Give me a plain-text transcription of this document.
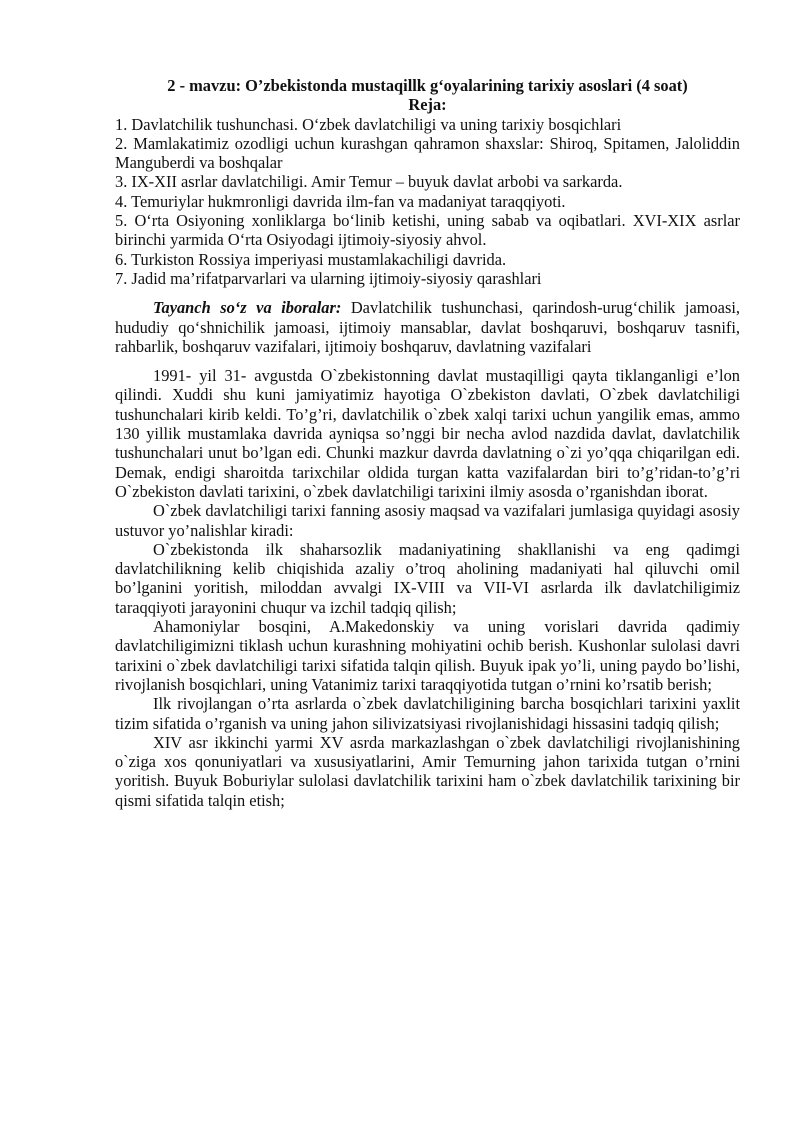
2 - mavzu: O’zbekistonda mustaqillk g‘oyalarining tarixiy asoslari (4 soat)

Reja:

1. Davlatchilik tushunchasi. O‘zbek davlatchiligi va uning tarixiy bosqichlari

2. Mamlakatimiz ozodligi uchun kurashgan qahramon shaxslar: Shiroq, Spitamen, Jaloliddin Manguberdi va boshqalar

3. IX-XII asrlar davlatchiligi. Amir Temur – buyuk davlat arbobi va sarkarda.

4. Temuriylar hukmronligi davrida ilm-fan va madaniyat taraqqiyoti.

5. O‘rta Osiyoning xonliklarga bo‘linib ketishi, uning sabab va oqibatlari. XVI-XIX asrlar birinchi yarmida O‘rta Osiyodagi ijtimoiy-siyosiy ahvol.

6. Turkiston Rossiya imperiyasi mustamlakachiligi davrida.

7. Jadid ma’rifatparvarlari va ularning ijtimoiy-siyosiy qarashlari

Tayanch so‘z va iboralar: Davlatchilik tushunchasi, qarindosh-urug‘chilik jamoasi, hududiy qo‘shnichilik jamoasi, ijtimoiy mansablar, davlat boshqaruvi, boshqaruv tasnifi, rahbarlik, boshqaruv vazifalari, ijtimoiy boshqaruv, davlatning vazifalari

1991- yil 31- avgustda O`zbekistonning davlat mustaqilligi qayta tiklanganligi e’lon qilindi. Xuddi shu kuni jamiyatimiz hayotiga O`zbekiston davlati, O`zbek davlatchiligi tushunchalari kirib keldi. To’g’ri, davlatchilik o`zbek xalqi tarixi uchun yangilik emas, ammo 130 yillik mustamlaka davrida ayniqsa so’nggi bir necha avlod nazdida davlat, davlatchilik tushunchalari unut bo’lgan edi. Chunki mazkur davrda davlatning o`zi yo’qqa chiqarilgan edi. Demak, endigi sharoitda tarixchilar oldida turgan katta vazifalardan biri to’g’ridan-to’g’ri O`zbekiston davlati tarixini, o`zbek davlatchiligi tarixini ilmiy asosda o’rganishdan iborat.

O`zbek davlatchiligi tarixi fanning asosiy maqsad va vazifalari jumlasiga quyidagi asosiy ustuvor yo’nalishlar kiradi:

O`zbekistonda ilk shaharsozlik madaniyatining shakllanishi va eng qadimgi davlatchilikning kelib chiqishida azaliy o’troq aholining madaniyati hal qiluvchi omil bo’lganini yoritish, miloddan avvalgi IX-VIII va VII-VI asrlarda ilk davlatchiligimiz taraqqiyoti jarayonini chuqur va izchil tadqiq qilish;

Ahamoniylar bosqini, A.Makedonskiy va uning vorislari davrida qadimiy davlatchiligimizni tiklash uchun kurashning mohiyatini ochib berish. Kushonlar sulolasi davri tarixini o`zbek davlatchiligi tarixi sifatida talqin qilish. Buyuk ipak yo’li, uning paydo bo’lishi, rivojlanish bosqichlari, uning Vatanimiz tarixi taraqqiyotida tutgan o’rnini ko’rsatib berish;

Ilk rivojlangan o’rta asrlarda o`zbek davlatchiligining barcha bosqichlari tarixini yaxlit tizim sifatida o’rganish va uning jahon silivizatsiyasi rivojlanishidagi hissasini tadqiq qilish;

XIV asr ikkinchi yarmi XV asrda markazlashgan o`zbek davlatchiligi rivojlanishining o`ziga xos qonuniyatlari va xususiyatlarini, Amir Temurning jahon tarixida tutgan o’rnini yoritish. Buyuk Boburiylar sulolasi davlatchilik tarixini ham o`zbek davlatchilik tarixining bir qismi sifatida talqin etish;
